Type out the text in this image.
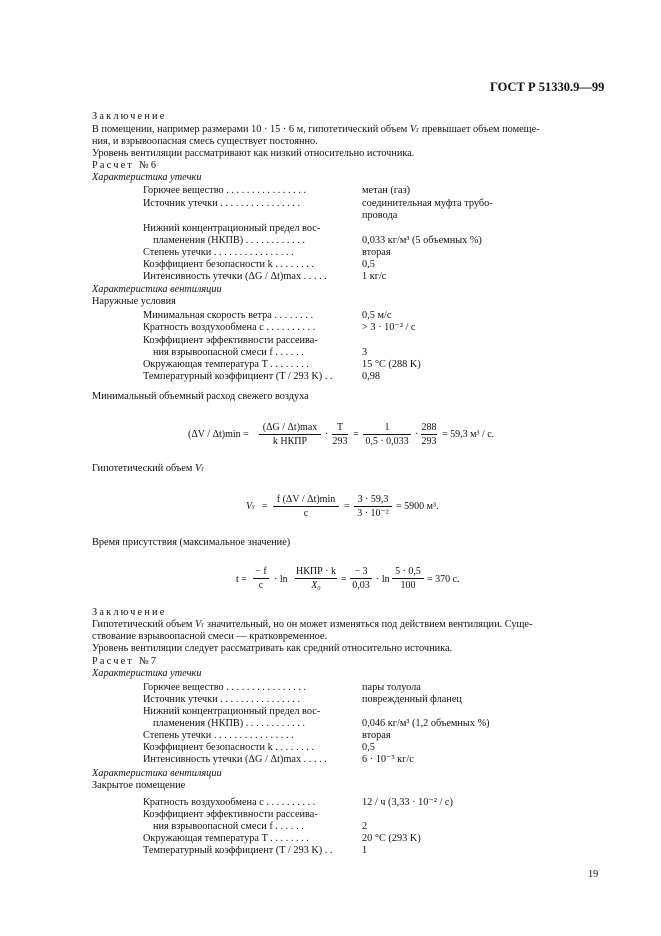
ГОСТ Р 51330.9—99
Заключение
В помещении, например размерами 10 · 15 · 6 м, гипотетический объем Vг превышает объем помеще-
ния, и взрывоопасная смесь существует постоянно.
Уровень вентиляции рассматривают как низкий относительно источника.
Расчет №6
Характеристика утечки
Горючее вещество . . . . . . . . . . . . . . . .	метан (газ)
Источник утечки . . . . . . . . . . . . . . . .	соединительная муфта трубо-
провода
Нижний концентрационный предел вос-
пламенения (НКПВ) . . . . . . . . . . . .	0,033 кг/м³ (5 объемных %)
Степень утечки . . . . . . . . . . . . . . . .	вторая
Коэффициент безопасности k . . . . . . . .	0,5
Интенсивность утечки (ΔG / Δt)max . . . . .	1 кг/с
Характеристика вентиляции
Наружные условия
Минимальная скорость ветра . . . . . . . .	0,5 м/с
Кратность воздухообмена c . . . . . . . . . .	> 3 · 10⁻² / с
Коэффициент эффективности рассеива-
ния взрывоопасной смеси f . . . . . .	3
Окружающая температура T . . . . . . . .	15 °C (288 K)
Температурный коэффициент (T / 293 K) . .	0,98
Минимальный объемный расход свежего воздуха
(ΔV / Δt)min =
(ΔG / Δt)max
k НКПР
·
T
293
=
1
0,5 · 0,033
·
288
293
= 59,3 м³ / с.
Гипотетический объем Vг
Vг =
f (ΔV / Δt)min
c
=
3 · 59,3
3 · 10⁻²
= 5900 м³.
Время присутствия (максимальное значение)
t =
− f
c
· ln
НКПР · k
X₀
=
− 3
0,03
· ln
5 · 0,5
100
= 370 с.
Заключение
Гипотетический объем Vг значительный, но он может изменяться под действием вентиляции. Суще-
ствование взрывоопасной смеси — кратковременное.
Уровень вентиляции следует рассматривать как средний относительно источника.
Расчет №7
Характеристика утечки
Горючее вещество . . . . . . . . . . . . . . . .	пары толуола
Источник утечки . . . . . . . . . . . . . . . .	поврежденный фланец
Нижний концентрационный предел вос-
пламенения (НКПВ) . . . . . . . . . . . .	0,046 кг/м³ (1,2 объемных %)
Степень утечки . . . . . . . . . . . . . . . .	вторая
Коэффициент безопасности k . . . . . . . .	0,5
Интенсивность утечки (ΔG / Δt)max . . . . .	6 · 10⁻³ кг/с
Характеристика вентиляции
Закрытое помещение
Кратность воздухообмена c . . . . . . . . . .	12 / ч (3,33 · 10⁻² / с)
Коэффициент эффективности рассеива-
ния взрывоопасной смеси f . . . . . .	2
Окружающая температура T . . . . . . . .	20 °C (293 K)
Температурный коэффициент (T / 293 K) . .	1
19
